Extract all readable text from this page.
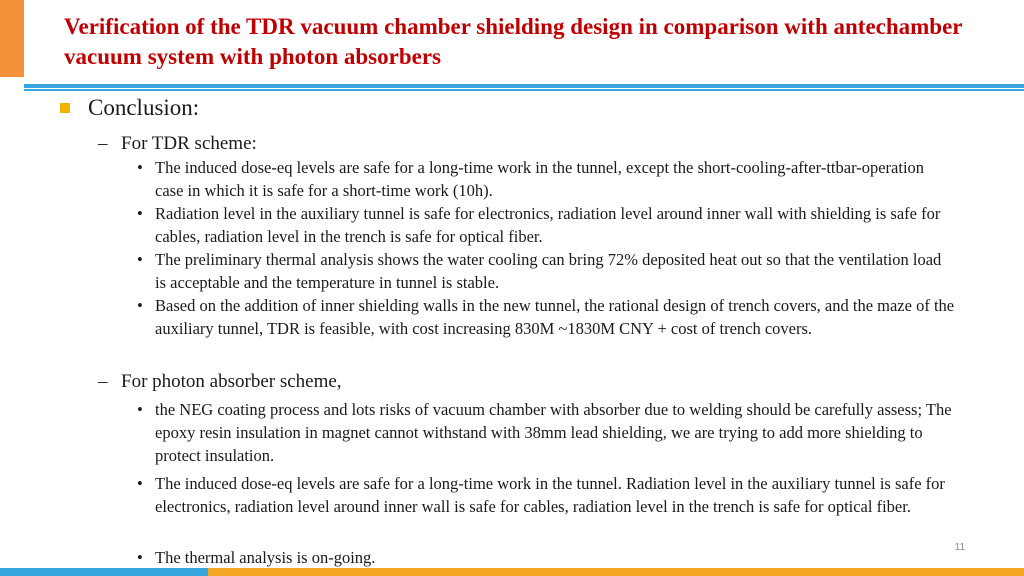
Verification of the TDR vacuum chamber shielding design in comparison with antechamber vacuum system with photon absorbers
Conclusion:
– For TDR scheme:
• The induced dose-eq levels are safe for a long-time work in the tunnel, except the short-cooling-after-ttbar-operation case in which it is safe for a short-time work (10h).
• Radiation level in the auxiliary tunnel is safe for electronics, radiation level around inner wall with shielding is safe for cables, radiation level in the trench is safe for optical fiber.
• The preliminary thermal analysis shows the water cooling can bring 72% deposited heat out so that the ventilation load is acceptable and the temperature in tunnel is stable.
• Based on the addition of inner shielding walls in the new tunnel, the rational design of trench covers, and the maze of the auxiliary tunnel, TDR is feasible, with cost increasing 830M ~1830M CNY + cost of trench covers.
– For photon absorber scheme,
• the NEG coating process and lots risks of vacuum chamber with absorber due to welding should be carefully assess; The epoxy resin insulation in magnet cannot withstand with 38mm lead shielding, we are trying to add more shielding to protect insulation.
• The induced dose-eq levels are safe for a long-time work in the tunnel. Radiation level in the auxiliary tunnel is safe for electronics, radiation level around inner wall is safe for cables, radiation level in the trench is safe for optical fiber.
• The thermal analysis is on-going.
11
